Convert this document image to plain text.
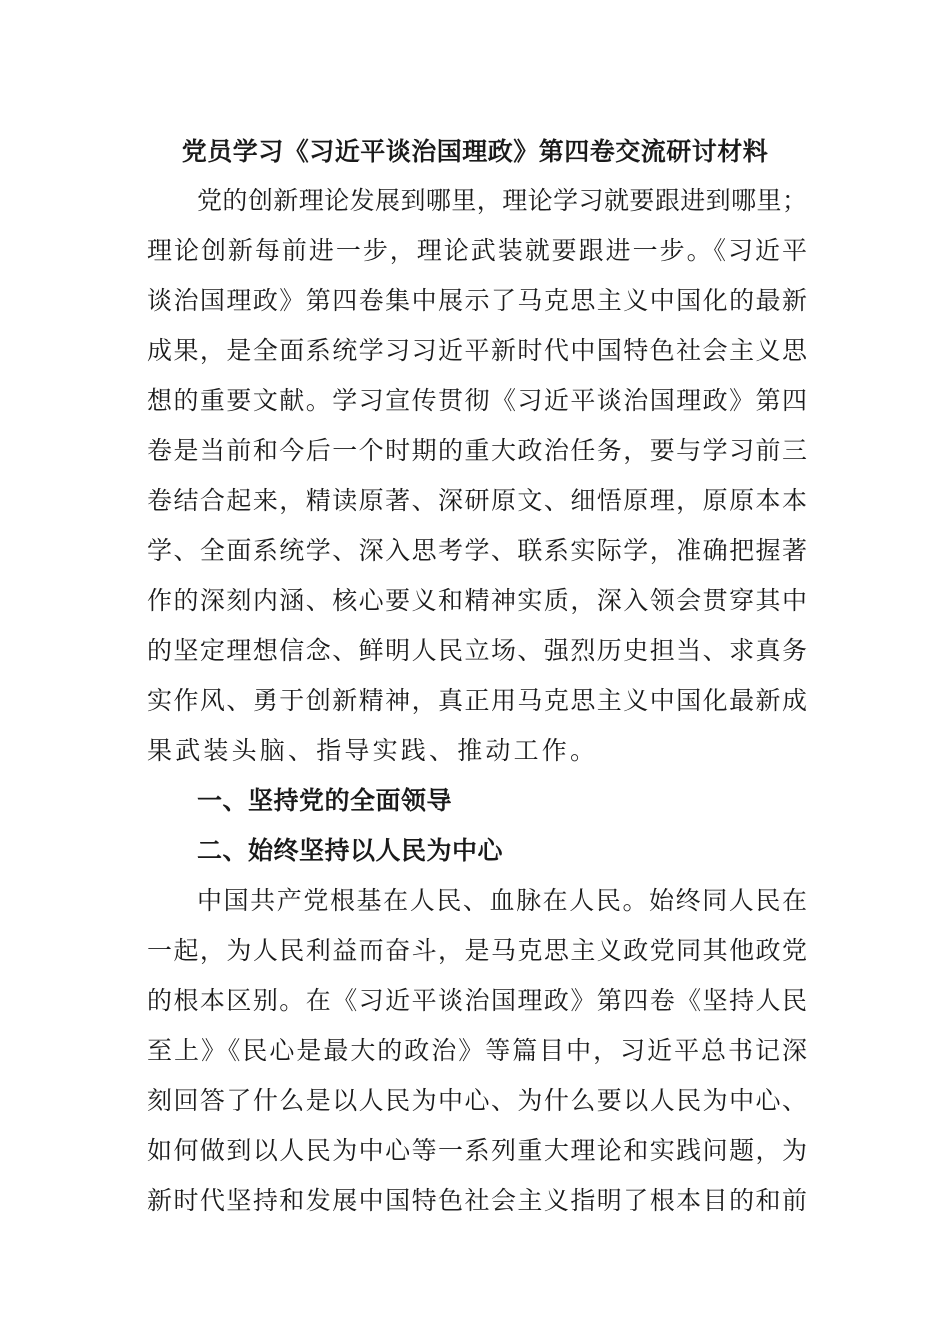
党员学习《习近平谈治国理政》第四卷交流研讨材料
党的创新理论发展到哪里，理论学习就要跟进到哪里；
理论创新每前进一步，理论武装就要跟进一步。《习近平
谈治国理政》第四卷集中展示了马克思主义中国化的最新
成果，是全面系统学习习近平新时代中国特色社会主义思
想的重要文献。学习宣传贯彻《习近平谈治国理政》第四
卷是当前和今后一个时期的重大政治任务，要与学习前三
卷结合起来，精读原著、深研原文、细悟原理，原原本本
学、全面系统学、深入思考学、联系实际学，准确把握著
作的深刻内涵、核心要义和精神实质，深入领会贯穿其中
的坚定理想信念、鲜明人民立场、强烈历史担当、求真务
实作风、勇于创新精神，真正用马克思主义中国化最新成
果武装头脑、指导实践、推动工作。
一、坚持党的全面领导
二、始终坚持以人民为中心
中国共产党根基在人民、血脉在人民。始终同人民在
一起，为人民利益而奋斗，是马克思主义政党同其他政党
的根本区别。在《习近平谈治国理政》第四卷《坚持人民
至上》《民心是最大的政治》等篇目中，习近平总书记深
刻回答了什么是以人民为中心、为什么要以人民为中心、
如何做到以人民为中心等一系列重大理论和实践问题，为
新时代坚持和发展中国特色社会主义指明了根本目的和前
